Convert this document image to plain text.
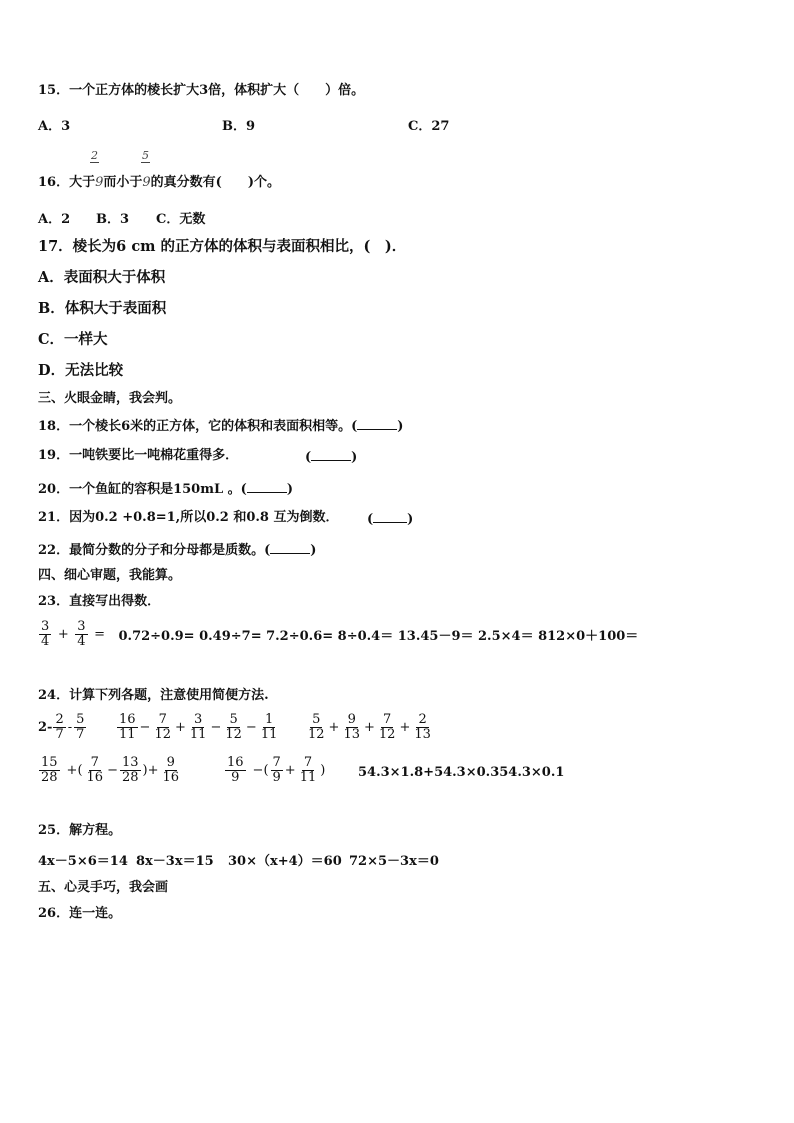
15．一个正方体的棱长扩大3倍，体积扩大（　　）倍。
A．3	B．9	C．27
2	5
16．大于9而小于9的真分数有(　　)个。
A．2 B．3 C．无数
17．棱长为6 cm 的正方体的体积与表面积相比，(　)．
A．表面积大于体积
B．体积大于表面积
C．一样大
D．无法比较
三、火眼金睛，我会判。
18．一个棱长6米的正方体，它的体积和表面积相等。(	)
19．一吨铁要比一吨棉花重得多．	(	)
20．一个鱼缸的容积是150mL 。(	)
21．因为0.2 +0.8=1,所以0.2 和0.8 互为倒数． (	)
22．最简分数的分子和分母都是质数。(	)
四、细心审题，我能算。
23．直接写出得数．
$\frac{3}{4} + \frac{3}{4} = 0.72\div 0.9= 0.49\div 7= 7.2\div 0.6= 8\div 0.4= 13.45-9= 2.5\times 4= 812\times 0+100=$
24．计算下列各题，注意使用简便方法.
$2- \frac{2}{7} - \frac{5}{7} \frac{16}{11} - \frac{7}{12} + \frac{3}{11} - \frac{5}{12} - \frac{1}{11} \frac{5}{12} + \frac{9}{13} + \frac{7}{12} + \frac{2}{13}$
$\frac{15}{28}$ +( $\frac{7}{16} - \frac{13}{28}$ )+ $\frac{9}{16}$	$\frac{16}{9}$ −( $\frac{7}{9} + \frac{7}{11}$ )	54.3×1.8+54.3×0.354.3×0.1
25．解方程。
4x－5×6＝14 8x－3x＝15 30×（x+4）＝60 72×5－3x＝0
五、心灵手巧，我会画
26．连一连。
